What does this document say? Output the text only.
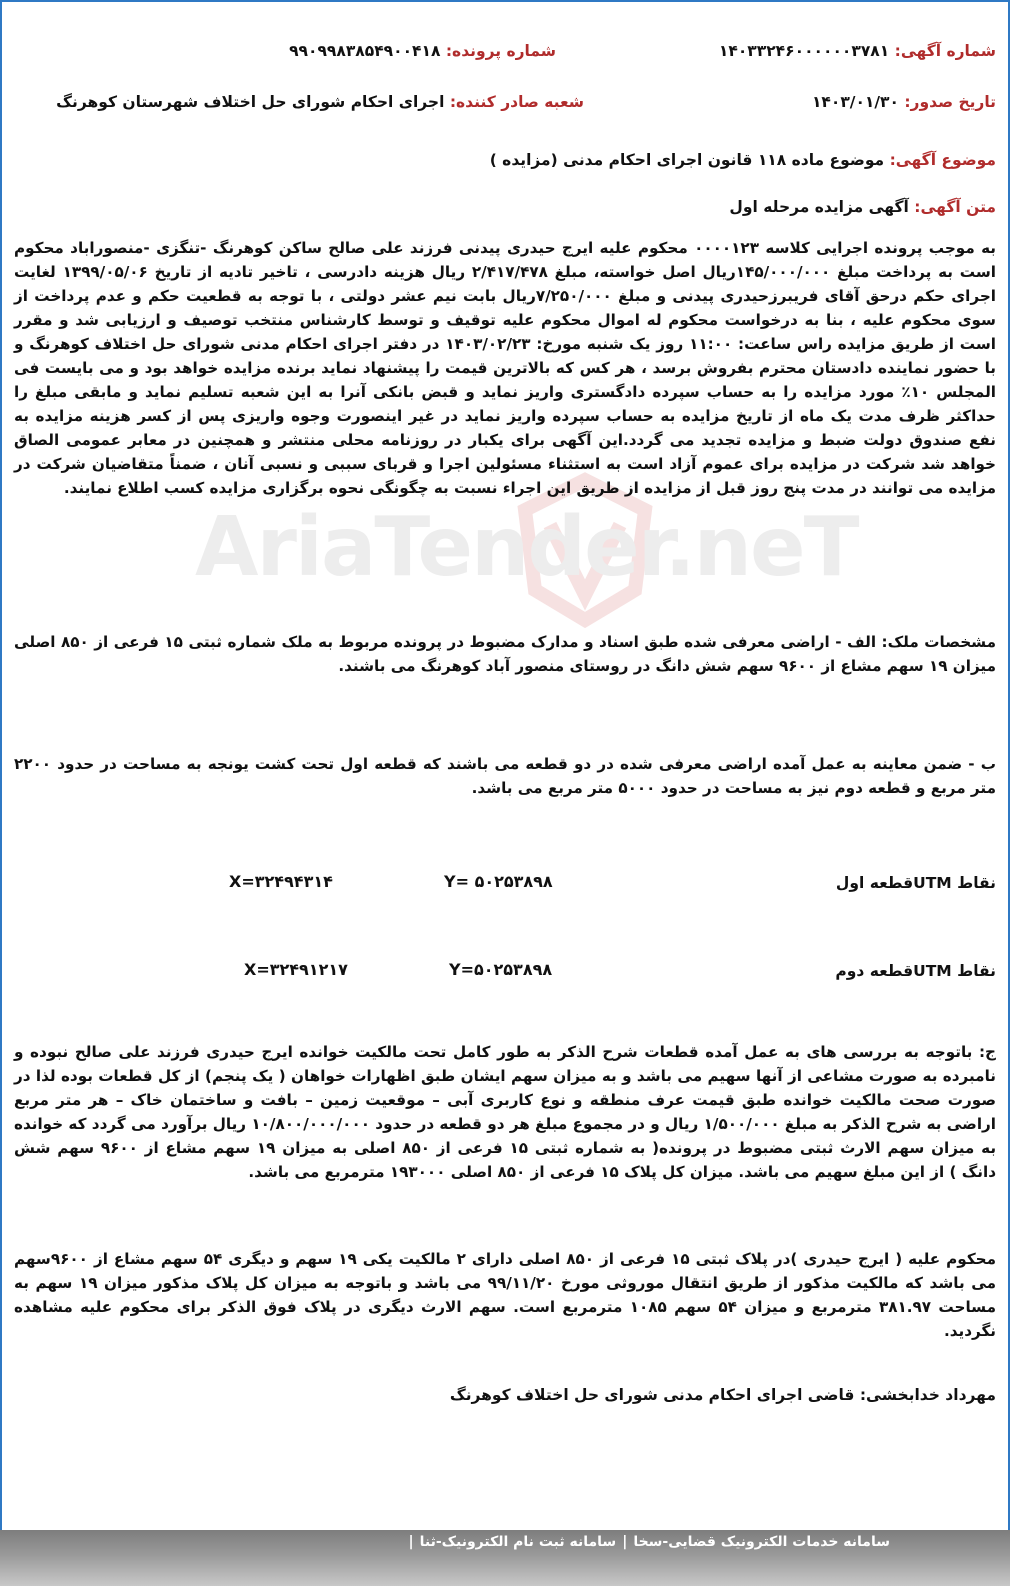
AriaTender.neT
شماره آگهی: ۱۴۰۳۳۲۴۶۰۰۰۰۰۰۳۷۸۱
شماره پرونده: ۹۹۰۹۹۸۳۸۵۴۹۰۰۴۱۸
تاریخ صدور: ۱۴۰۳/۰۱/۳۰
شعبه صادر کننده: اجرای احکام شورای حل اختلاف شهرستان کوهرنگ
موضوع آگهی: موضوع ماده ۱۱۸ قانون اجرای احکام مدنی (مزایده )
متن آگهی: آگهی مزایده مرحله اول
به موجب پرونده اجرایی کلاسه ۰۰۰۰۱۲۳ محکوم علیه ایرج حیدری پیدنی فرزند علی صالح ساکن کوهرنگ -تنگزی -منصوراباد محکوم است به پرداخت مبلغ ۱۴۵/۰۰۰/۰۰۰ریال اصل خواسته، مبلغ ۲/۴۱۷/۴۷۸ ریال هزینه دادرسی ، تاخیر تادیه از تاریخ ۱۳۹۹/۰۵/۰۶ لغایت اجرای حکم درحق آقای فریبرزحیدری پیدنی و مبلغ ۷/۲۵۰/۰۰۰ریال بابت نیم عشر دولتی ، با توجه به قطعیت حکم و عدم پرداخت از سوی محکوم علیه ، بنا به درخواست محکوم له اموال محکوم علیه توقیف و توسط کارشناس منتخب توصیف و ارزیابی شد و مقرر است از طریق مزایده راس ساعت: ۱۱:۰۰ روز یک شنبه مورخ: ۱۴۰۳/۰۲/۲۳ در دفتر اجرای احکام مدنی شورای حل اختلاف کوهرنگ و با حضور نماینده دادستان محترم بفروش برسد ، هر کس که بالاترین قیمت را پیشنهاد نماید برنده مزایده خواهد بود و می بایست فی المجلس ۱۰٪ مورد مزایده را به حساب سپرده دادگستری واریز نماید و قبض بانکی آنرا به این شعبه تسلیم نماید و مابقی مبلغ را حداکثر ظرف مدت یک ماه از تاریخ مزایده به حساب سپرده واریز نماید در غیر اینصورت وجوه واریزی پس از کسر هزینه مزایده به نفع صندوق دولت ضبط و مزایده تجدید می گردد.این آگهی برای یکبار در روزنامه محلی منتشر و همچنین در معابر عمومی الصاق خواهد شد شرکت در مزایده برای عموم آزاد است به استثناء مسئولین اجرا و قربای سببی و نسبی آنان ، ضمناً متقاضیان شرکت در مزایده می توانند در مدت پنج روز قبل از مزایده از طریق این اجراء نسبت به چگونگی نحوه برگزاری مزایده کسب اطلاع نمایند.
مشخصات ملک: الف - اراضی معرفی شده طبق اسناد و مدارک مضبوط در پرونده مربوط به ملک شماره ثبتی ۱۵ فرعی از ۸۵۰ اصلی میزان ۱۹ سهم مشاع از ۹۶۰۰ سهم شش دانگ در روستای منصور آباد کوهرنگ می باشند.
ب - ضمن معاینه به عمل آمده اراضی معرفی شده در دو قطعه می باشند که قطعه اول تحت کشت یونجه به مساحت در حدود ۲۲۰۰ متر مربع و قطعه دوم نیز به مساحت در حدود ۵۰۰۰ متر مربع می باشد.
نقاط UTMقطعه اول
Y= ۵۰۲۵۳۸۹۸
X=۳۲۴۹۴۳۱۴
نقاط UTMقطعه دوم
Y=۵۰۲۵۳۸۹۸
X=۳۲۴۹۱۲۱۷
ج: باتوجه به بررسی های به عمل آمده قطعات شرح الذکر به طور کامل تحت مالکیت خوانده ایرج حیدری فرزند علی صالح نبوده و نامبرده به صورت مشاعی از آنها سهیم می باشد و به میزان سهم ایشان طبق اظهارات خواهان ( یک پنجم) از کل قطعات بوده لذا در صورت صحت مالکیت خوانده طبق قیمت عرف منطقه و نوع کاربری آبی – موقعیت زمین – بافت و ساختمان خاک – هر متر مربع اراضی به شرح الذکر به مبلغ ۱/۵۰۰/۰۰۰ ریال و در مجموع مبلغ هر دو قطعه در حدود ۱۰/۸۰۰/۰۰۰/۰۰۰ ریال برآورد می گردد که خوانده به میزان سهم الارث ثبتی مضبوط در پرونده( به شماره ثبتی ۱۵ فرعی از ۸۵۰ اصلی به میزان ۱۹ سهم مشاع از ۹۶۰۰ سهم شش دانگ ) از این مبلغ سهیم می باشد. میزان کل پلاک ۱۵ فرعی از ۸۵۰ اصلی ۱۹۳۰۰۰ مترمربع می باشد.
محکوم علیه ( ایرج حیدری )در پلاک ثبتی ۱۵ فرعی از ۸۵۰ اصلی دارای ۲ مالکیت یکی ۱۹ سهم و دیگری ۵۴ سهم مشاع از ۹۶۰۰سهم می باشد که مالکیت مذکور از طریق انتقال موروثی مورخ ۹۹/۱۱/۲۰ می باشد و باتوجه به میزان کل پلاک مذکور میزان ۱۹ سهم به مساحت ۳۸۱.۹۷ مترمربع و میزان ۵۴ سهم ۱۰۸۵ مترمربع است. سهم الارث دیگری در پلاک فوق الذکر برای محکوم علیه مشاهده نگردید.
مهرداد خدابخشی: قاضی اجرای احکام مدنی شورای حل اختلاف کوهرنگ
سامانه خدمات الکترونیک قضایی-سخا|سامانه ثبت نام الکترونیک-ثنا|
